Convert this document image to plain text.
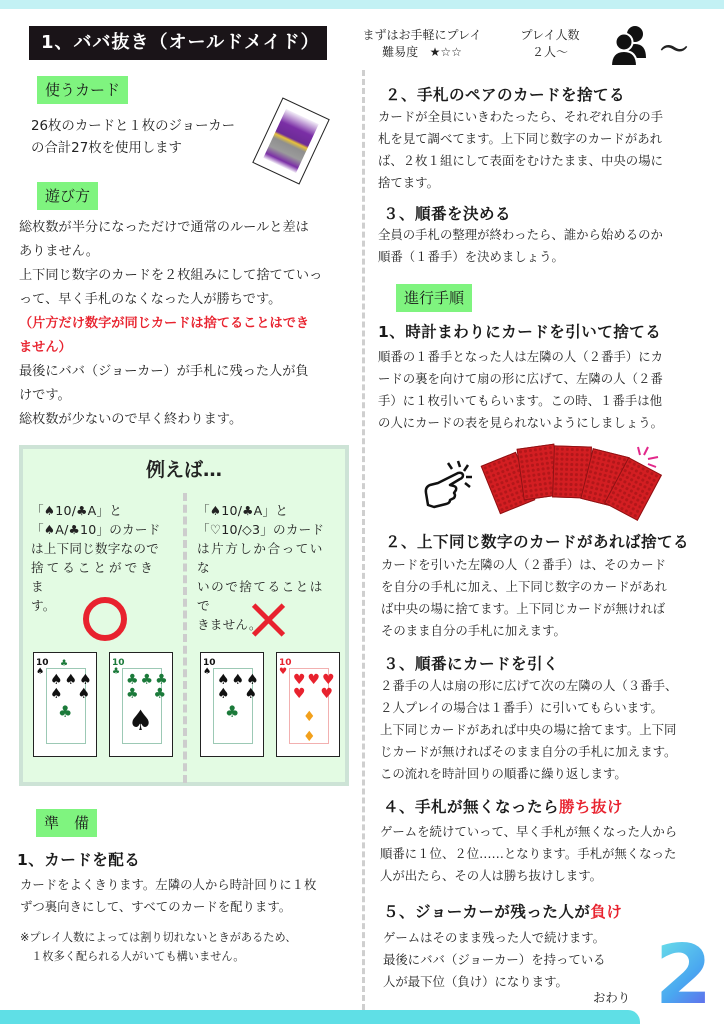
1、ババ抜き（オールドメイド）	まずはお手軽にプレイ
難易度 ★☆☆
プレイ人数
２人～	～
使うカード
26枚のカードと１枚のジョーカー
の合計27枚を使用します
遊び方
総枚数が半分になっただけで通常のルールと差は
ありません。
上下同じ数字のカードを２枚組みにして捨てていっ
って、早く手札のなくなった人が勝ちです。
（片方だけ数字が同じカードは捨てることはでき
ません）
最後にババ（ジョーカー）が手札に残った人が負
けです。
総枚数が少ないので早く終わります。
例えば…
「♠10/♣A」と
「♠A/♣10」のカード
は上下同じ数字なので
捨てることができま
す。
「♠10/♣A」と
「♡10/◇3」のカード
は片方しか合っていな
いので捨てることはで
きません。
10
♠ ♠♠♠
♠  ♠
♣
♣	10
♣ ♣♣♣
♣  ♣
♠
10
♠ ♠♠♠
♠  ♠
♣
10
♥ ♥♥♥
♥  ♥
♦
♦
準　備
1、カードを配る
カードをよくきります。左隣の人から時計回りに１枚
ずつ裏向きにして、すべてのカードを配ります。
※プレイ人数によっては割り切れないときがあるため、
　１枚多く配られる人がいても構いません。
２、手札のペアのカードを捨てる
カードが全員にいきわたったら、それぞれ自分の手
札を見て調べてます。上下同じ数字のカードがあれ
ば、２枚１組にして表面をむけたまま、中央の場に
捨てます。
３、順番を決める
全員の手札の整理が終わったら、誰から始めるのか
順番（１番手）を決めましょう。
進行手順
1、時計まわりにカードを引いて捨てる
順番の１番手となった人は左隣の人（２番手）にカ
ードの裏を向けて扇の形に広げて、左隣の人（２番
手）に１枚引いてもらいます。この時、１番手は他
の人にカードの表を見られないようにしましょう。
２、上下同じ数字のカードがあれば捨てる
カードを引いた左隣の人（２番手）は、そのカード
を自分の手札に加え、上下同じ数字のカードがあれ
ば中央の場に捨てます。上下同じカードが無ければ
そのまま自分の手札に加えます。
３、順番にカードを引く
２番手の人は扇の形に広げて次の左隣の人（３番手、
２人プレイの場合は１番手）に引いてもらいます。
上下同じカードがあれば中央の場に捨てます。上下同
じカードが無ければそのまま自分の手札に加えます。
この流れを時計回りの順番に繰り返します。
４、手札が無くなったら勝ち抜け
ゲームを続けていって、早く手札が無くなった人から
順番に１位、２位……となります。手札が無くなった
人が出たら、その人は勝ち抜けします。
５、ジョーカーが残った人が負け
ゲームはそのまま残った人で続けます。
最後にババ（ジョーカー）を持っている
人が最下位（負け）になります。
おわり 2
